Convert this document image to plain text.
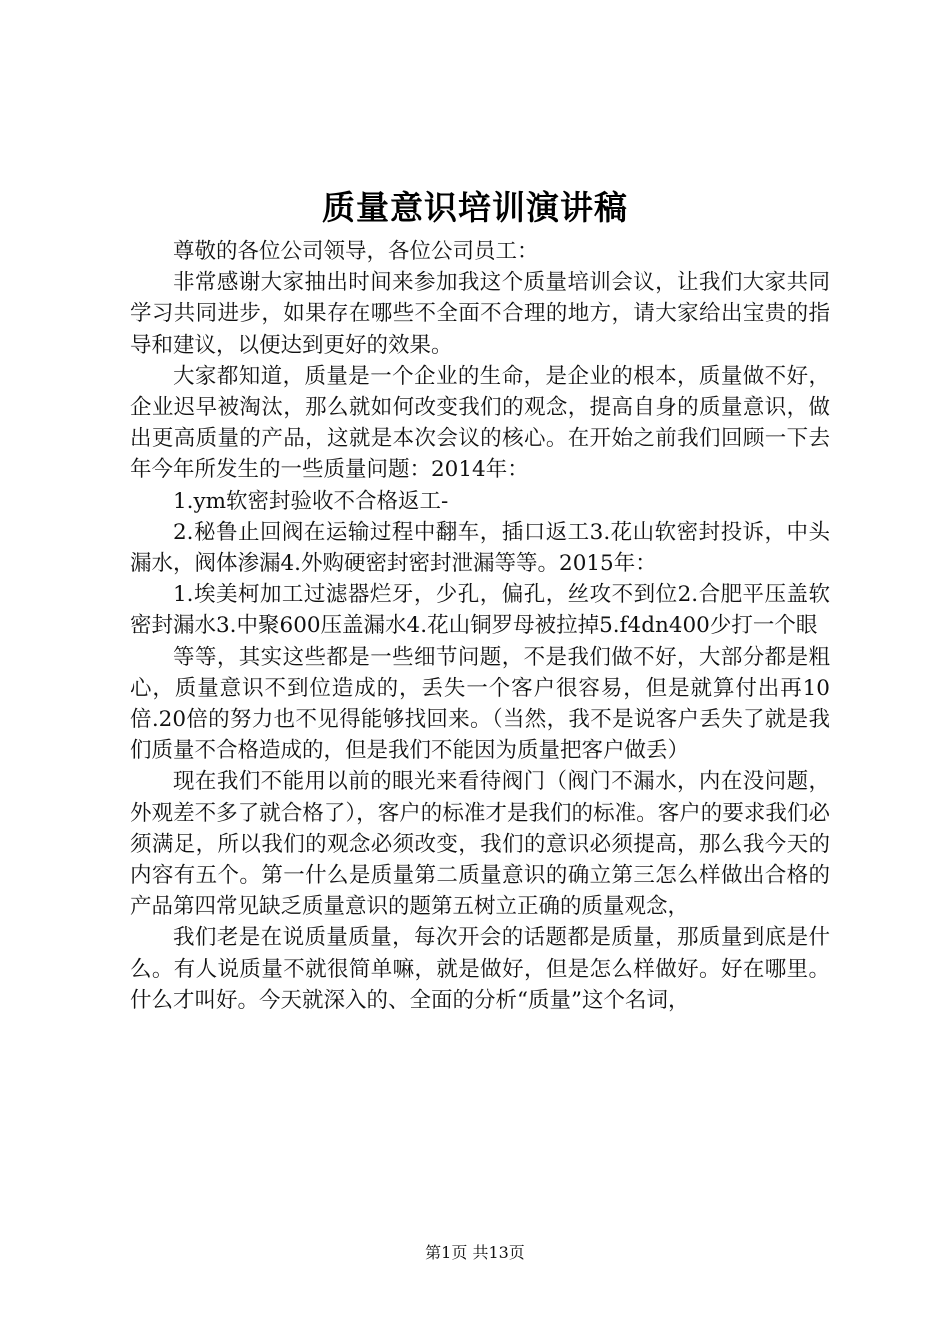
质量意识培训演讲稿

尊敬的各位公司领导，各位公司员工：

非常感谢大家抽出时间来参加我这个质量培训会议，让我们大家共同学习共同进步，如果存在哪些不全面不合理的地方，请大家给出宝贵的指导和建议，以便达到更好的效果。

大家都知道，质量是一个企业的生命，是企业的根本，质量做不好，企业迟早被淘汰，那么就如何改变我们的观念，提高自身的质量意识，做出更高质量的产品，这就是本次会议的核心。在开始之前我们回顾一下去年今年所发生的一些质量问题：2014年：

1.ym软密封验收不合格返工-

2.秘鲁止回阀在运输过程中翻车，插口返工3.花山软密封投诉，中头漏水，阀体渗漏4.外购硬密封密封泄漏等等。2015年：

1.埃美柯加工过滤器烂牙，少孔，偏孔，丝攻不到位2.合肥平压盖软密封漏水3.中聚600压盖漏水4.花山铜罗母被拉掉5.f4dn400少打一个眼

等等，其实这些都是一些细节问题，不是我们做不好，大部分都是粗心，质量意识不到位造成的，丢失一个客户很容易，但是就算付出再10倍.20倍的努力也不见得能够找回来。（当然，我不是说客户丢失了就是我们质量不合格造成的，但是我们不能因为质量把客户做丢）

现在我们不能用以前的眼光来看待阀门（阀门不漏水，内在没问题，外观差不多了就合格了），客户的标准才是我们的标准。客户的要求我们必须满足，所以我们的观念必须改变，我们的意识必须提高，那么我今天的内容有五个。第一什么是质量第二质量意识的确立第三怎么样做出合格的产品第四常见缺乏质量意识的题第五树立正确的质量观念，

我们老是在说质量质量，每次开会的话题都是质量，那质量到底是什么。有人说质量不就很简单嘛，就是做好，但是怎么样做好。好在哪里。什么才叫好。今天就深入的、全面的分析“质量”这个名词，

第1页 共13页
